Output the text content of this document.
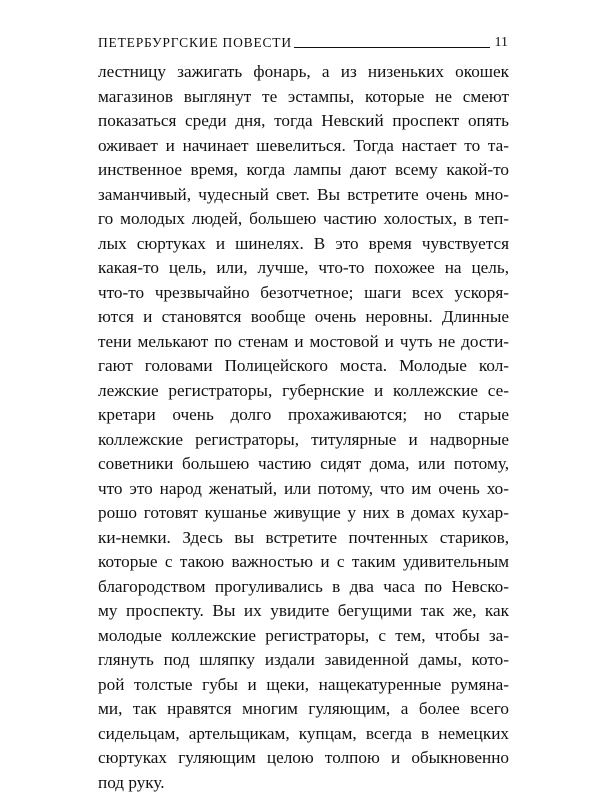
ПЕТЕРБУРГСКИЕ ПОВЕСТИ	11
лестницу зажигать фонарь, а из низеньких окошек
магазинов выглянут те эстампы, которые не смеют
показаться среди дня, тогда Невский проспект опять
оживает и начинает шевелиться. Тогда настает то та-
инственное время, когда лампы дают всему какой-то
заманчивый, чудесный свет. Вы встретите очень мно-
го молодых людей, большею частию холостых, в теп-
лых сюртуках и шинелях. В это время чувствуется
какая-то цель, или, лучше, что-то похожее на цель,
что-то чрезвычайно безотчетное; шаги всех ускоря-
ются и становятся вообще очень неровны. Длинные
тени мелькают по стенам и мостовой и чуть не дости-
гают головами Полицейского моста. Молодые кол-
лежские регистраторы, губернские и коллежские се-
кретари очень долго прохаживаются; но старые
коллежские регистраторы, титулярные и надворные
советники большею частию сидят дома, или потому,
что это народ женатый, или потому, что им очень хо-
рошо готовят кушанье живущие у них в домах кухар-
ки-немки. Здесь вы встретите почтенных стариков,
которые с такою важностью и с таким удивительным
благородством прогуливались в два часа по Невско-
му проспекту. Вы их увидите бегущими так же, как
молодые коллежские регистраторы, с тем, чтобы за-
глянуть под шляпку издали завиденной дамы, кото-
рой толстые губы и щеки, нащекатуренные румяна-
ми, так нравятся многим гуляющим, а более всего
сидельцам, артельщикам, купцам, всегда в немецких
сюртуках гуляющим целою толпою и обыкновенно
под руку.
